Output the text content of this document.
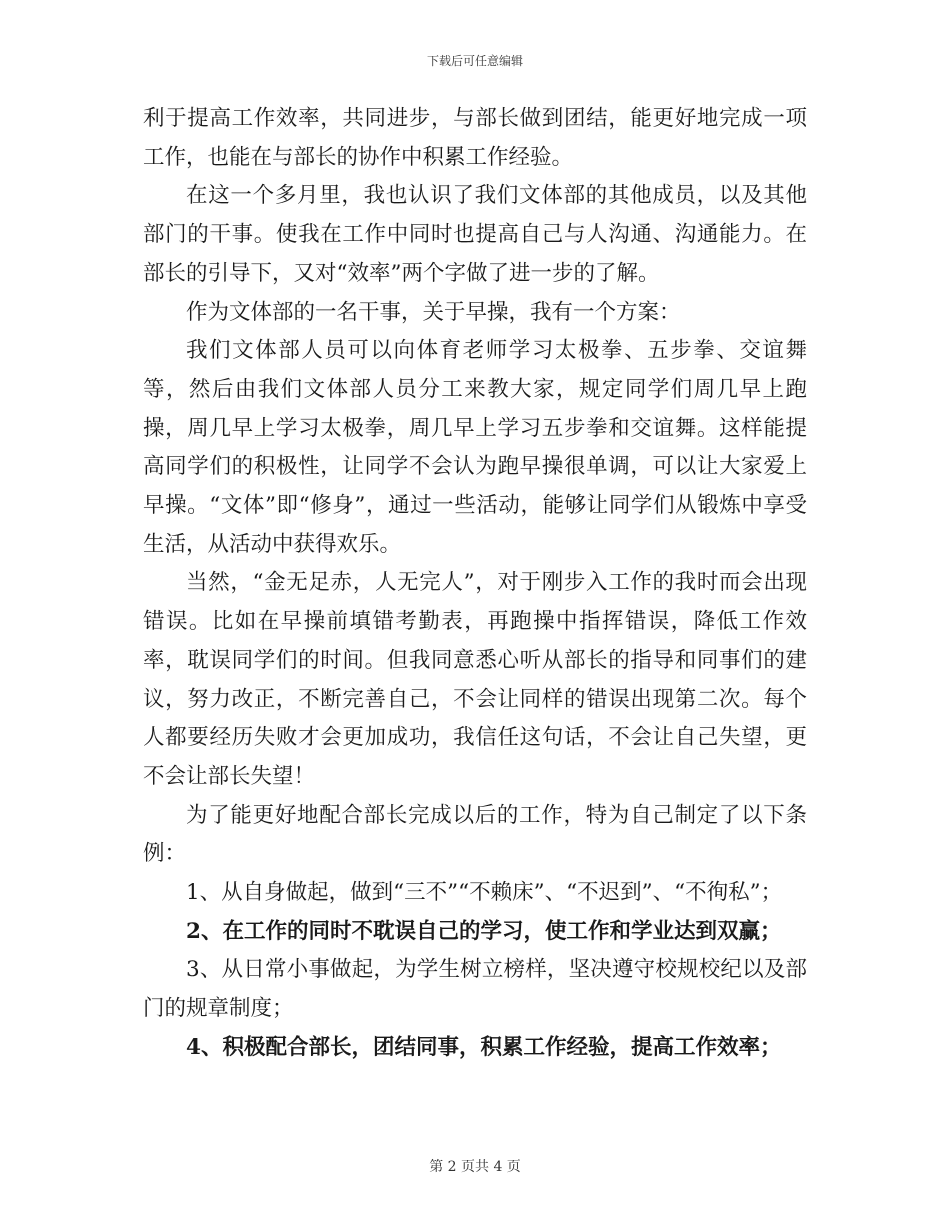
下载后可任意编辑

利于提高工作效率，共同进步，与部长做到团结，能更好地完成一项工作，也能在与部长的协作中积累工作经验。

在这一个多月里，我也认识了我们文体部的其他成员，以及其他部门的干事。使我在工作中同时也提高自己与人沟通、沟通能力。在部长的引导下，又对“效率”两个字做了进一步的了解。

作为文体部的一名干事，关于早操，我有一个方案：

我们文体部人员可以向体育老师学习太极拳、五步拳、交谊舞等，然后由我们文体部人员分工来教大家，规定同学们周几早上跑操，周几早上学习太极拳，周几早上学习五步拳和交谊舞。这样能提高同学们的积极性，让同学不会认为跑早操很单调，可以让大家爱上早操。“文体”即“修身”，通过一些活动，能够让同学们从锻炼中享受生活，从活动中获得欢乐。

当然，“金无足赤，人无完人”，对于刚步入工作的我时而会出现错误。比如在早操前填错考勤表，再跑操中指挥错误，降低工作效率，耽误同学们的时间。但我同意悉心听从部长的指导和同事们的建议，努力改正，不断完善自己，不会让同样的错误出现第二次。每个人都要经历失败才会更加成功，我信任这句话，不会让自己失望，更不会让部长失望！

为了能更好地配合部长完成以后的工作，特为自己制定了以下条例：

1、从自身做起，做到“三不”“不赖床”、“不迟到”、“不徇私”；

2、在工作的同时不耽误自己的学习，使工作和学业达到双赢；

3、从日常小事做起，为学生树立榜样，坚决遵守校规校纪以及部门的规章制度；

4、积极配合部长，团结同事，积累工作经验，提高工作效率；

第 2 页共 4 页
